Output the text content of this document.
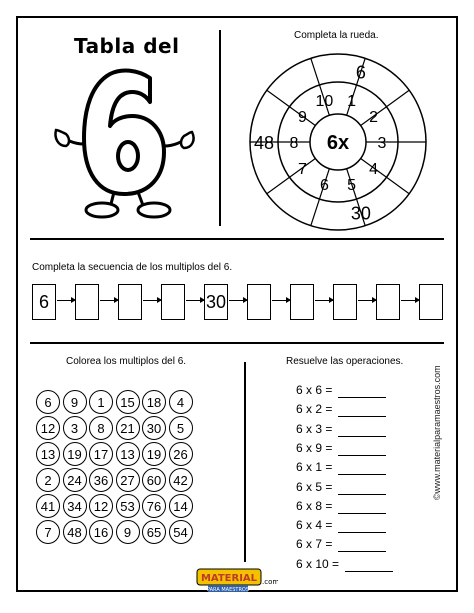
Tabla del	Completa la rueda.
6x
1
2
3
4
5
6
7
8
9
10
6
30
48
Completa la secuencia de los multiplos del 6.
6	30
Colorea los multiplos del 6.
6	9	1	15 18	4
12	3	8	21 30	5
13 19 17 13 19 26
2	24 36 27 60 42
41 34 12 53 76 14
7	48 16	9	65 54
Resuelve las operaciones.
6 x 6 =
6 x 2 =
6 x 3 =
6 x 9 =
6 x 1 =
6 x 5 =
6 x 8 =
6 x 4 =
6 x 7 =
6 x 10 =
©www.materialparamaestros.com
MATERIAL
PARA MAESTROS
.com
